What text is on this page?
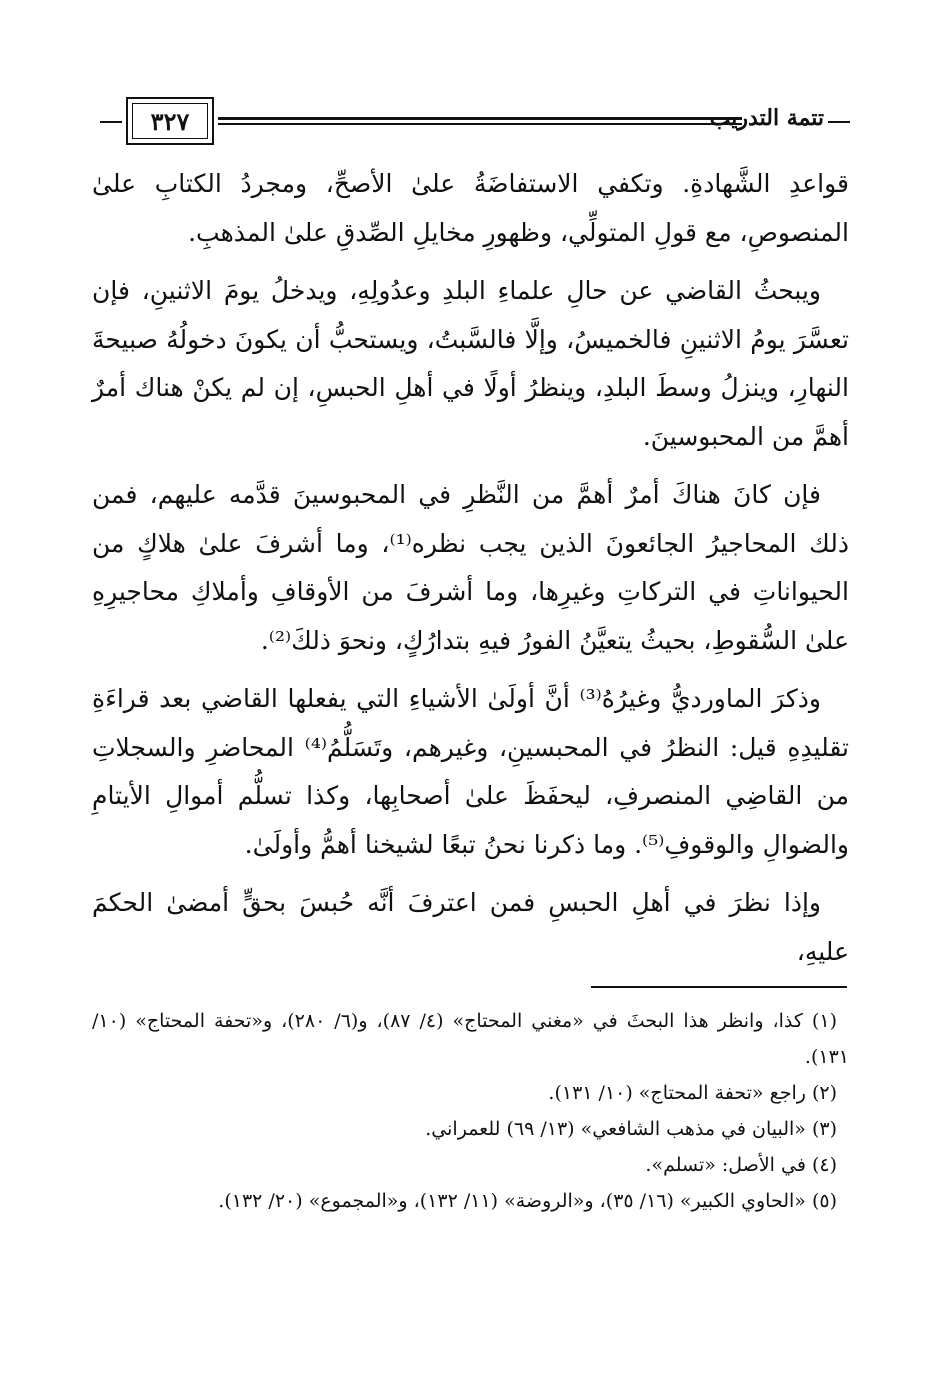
٣٢٧	تتمة التدريب

قواعدِ الشَّهادةِ. وتكفي الاستفاضَةُ علىٰ الأصحِّ، ومجردُ الكتابِ علىٰ المنصوصِ، مع قولِ المتولِّي، وظهورِ مخايلِ الصِّدقِ علىٰ المذهبِ.

ويبحثُ القاضي عن حالِ علماءِ البلدِ وعدُولِهِ، ويدخلُ يومَ الاثنينِ، فإن تعسَّرَ يومُ الاثنينِ فالخميسُ، وإلَّا فالسَّبتُ، ويستحبُّ أن يكونَ دخولُهُ صبيحةَ النهارِ، وينزلُ وسطَ البلدِ، وينظرُ أولًا في أهلِ الحبسِ، إن لم يكنْ هناك أمرٌ أهمَّ من المحبوسينَ.

فإن كانَ هناكَ أمرٌ أهمَّ من النَّظرِ في المحبوسينَ قدَّمه عليهم، فمن ذلك المحاجيرُ الجائعونَ الذين يجب نظره⁽¹⁾، وما أشرفَ علىٰ هلاكٍ من الحيواناتِ في التركاتِ وغيرِها، وما أشرفَ من الأوقافِ وأملاكِ محاجيرِهِ علىٰ السُّقوطِ، بحيثُ يتعيَّنُ الفورُ فيهِ بتدارُكٍ، ونحوَ ذلكَ⁽²⁾.

وذكرَ الماورديُّ وغيرُهُ⁽³⁾ أنَّ أولَىٰ الأشياءِ التي يفعلها القاضي بعد قراءَةِ تقليدِهِ قيل: النظرُ في المحبسينِ، وغيرهم، وتَسَلُّمُ⁽⁴⁾ المحاضرِ والسجلاتِ من القاضِي المنصرفِ، ليحفَظَ علىٰ أصحابِها، وكذا تسلُّم أموالِ الأيتامِ والضوالِ والوقوفِ⁽⁵⁾. وما ذكرنا نحنُ تبعًا لشيخنا أهمُّ وأولَىٰ.

وإذا نظرَ في أهلِ الحبسِ فمن اعترفَ أنَّه حُبسَ بحقٍّ أمضىٰ الحكمَ عليهِ،

(١) كذا، وانظر هذا البحثَ في «مغني المحتاج» (٤/ ٨٧)، و(٦/ ٢٨٠)، و«تحفة المحتاج» (١٠/ ١٣١).

(٢) راجع «تحفة المحتاج» (١٠/ ١٣١).

(٣) «البيان في مذهب الشافعي» (١٣/ ٦٩) للعمراني.

(٤) في الأصل: «تسلم».

(٥) «الحاوي الكبير» (١٦/ ٣٥)، و«الروضة» (١١/ ١٣٢)، و«المجموع» (٢٠/ ١٣٢).
